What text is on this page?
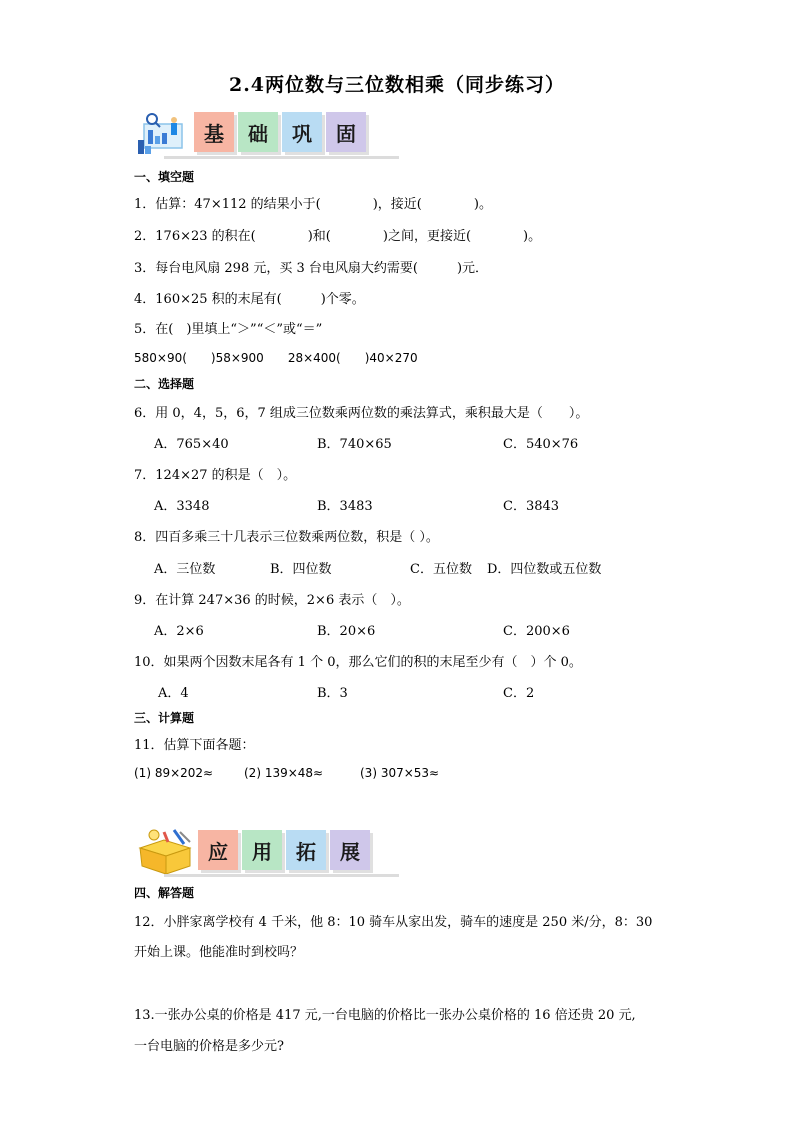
2.4两位数与三位数相乘（同步练习）
基	础	巩	固
一、填空题
1．估算：47×112 的结果小于(　　　　)，接近(　　　　)。
2．176×23 的积在(　　　　)和(　　　　)之间，更接近(　　　　)。
3．每台电风扇 298 元，买 3 台电风扇大约需要(　　　)元．
4．160×25 积的末尾有(　　　)个零。
5．在(　)里填上“＞”“＜”或“＝”
580×90(　　)58×900　　28×400(　　)40×270
二、选择题
6．用 0，4，5，6，7 组成三位数乘两位数的乘法算式，乘积最大是（　　）。
A．765×40	B．740×65	C．540×76
7．124×27 的积是（　）。
A．3348	B．3483	C．3843
8．四百多乘三十几表示三位数乘两位数，积是（ ）。
A．三位数	B．四位数	C．五位数 D．四位数或五位数
9．在计算 247×36 的时候，2×6 表示（　）。
A．2×6	B．20×6	C．200×6
10．如果两个因数末尾各有 1 个 0，那么它们的积的末尾至少有（　）个 0。
A．4	B．3	C．2
三、计算题
11．估算下面各题：
(1) 89×202≈	(2) 139×48≈	(3) 307×53≈
应	用	拓	展
四、解答题
12．小胖家离学校有 4 千米，他 8：10 骑车从家出发，骑车的速度是 250 米/分，8：30
开始上课。他能准时到校吗？
13.一张办公桌的价格是 417 元,一台电脑的价格比一张办公桌价格的 16 倍还贵 20 元,
一台电脑的价格是多少元?
